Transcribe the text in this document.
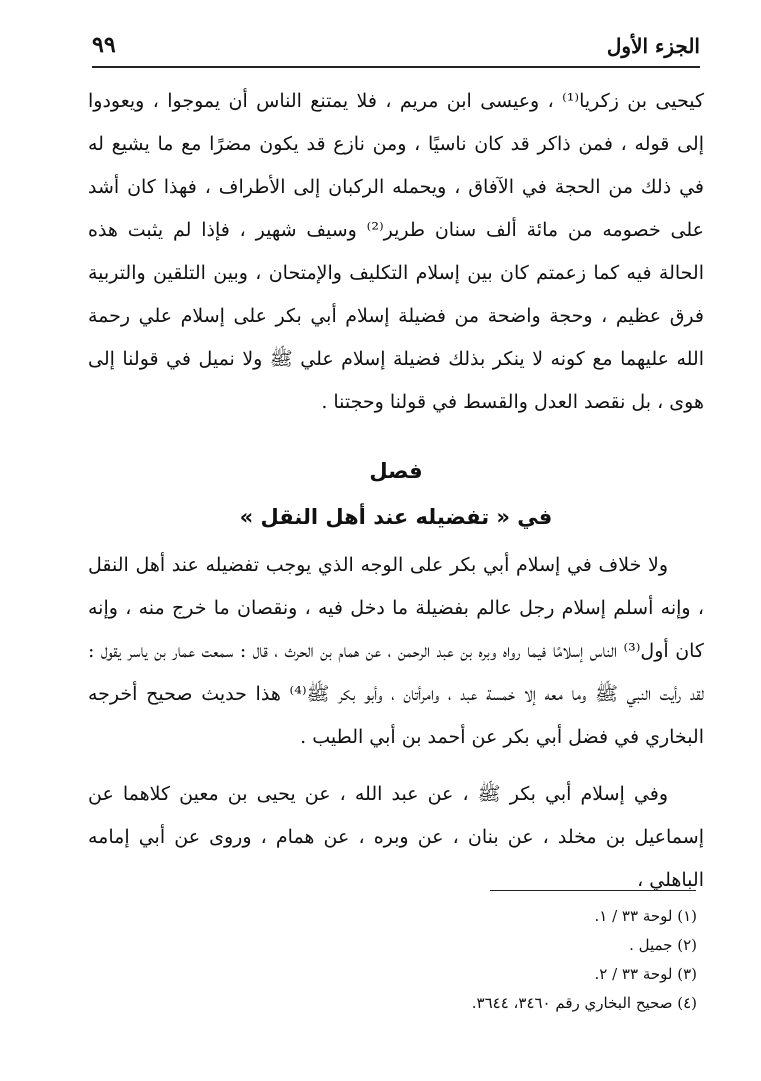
الجزء الأول
٩٩

كيحيى بن زكريا⁽¹⁾ ، وعيسى ابن مريم ، فلا يمتنع الناس أن يموجوا ، ويعودوا إلى قوله ، فمن ذاكر قد كان ناسيًا ، ومن نازع قد يكون مضرًا مع ما يشيع له في ذلك من الحجة في الآفاق ، ويحمله الركبان إلى الأطراف ، فهذا كان أشد على خصومه من مائة ألف سنان طرير⁽²⁾ وسيف شهير ، فإذا لم يثبت هذه الحالة فيه كما زعمتم كان بين إسلام التكليف والإمتحان ، وبين التلقين والتربية فرق عظيم ، وحجة واضحة من فضيلة إسلام أبي بكر على إسلام علي رحمة الله عليهما مع كونه لا ينكر بذلك فضيلة إسلام علي ﷺ ولا نميل في قولنا إلى هوى ، بل نقصد العدل والقسط في قولنا وحجتنا .

فصل
في « تفضيله عند أهل النقل »

ولا خلاف في إسلام أبي بكر على الوجه الذي يوجب تفضيله عند أهل النقل ، وإنه أسلم إسلام رجل عالم بفضيلة ما دخل فيه ، ونقصان ما خرج منه ، وإنه كان أول⁽³⁾ الناس إسلامًا فيما رواه وبره بن عبد الرحمن ، عن همام بن الحرث ، قال : سمعت عمار بن ياسر يقول : لقد رأيت النبي ﷺ وما معه إلا خمسة عبد ، وامرأتان ، وأبو بكر ﷺ⁽⁴⁾ هذا حديث صحيح أخرجه البخاري في فضل أبي بكر عن أحمد بن أبي الطيب .

وفي إسلام أبي بكر ﷺ ، عن عبد الله ، عن يحيى بن معين كلاهما عن إسماعيل بن مخلد ، عن بنان ، عن وبره ، عن همام ، وروى عن أبي إمامه الباهلي ،

(١) لوحة ٣٣ / ١.

(٢) جميل .

(٣) لوحة ٣٣ / ٢.

(٤) صحيح البخاري رقم ٣٤٦٠، ٣٦٤٤.
